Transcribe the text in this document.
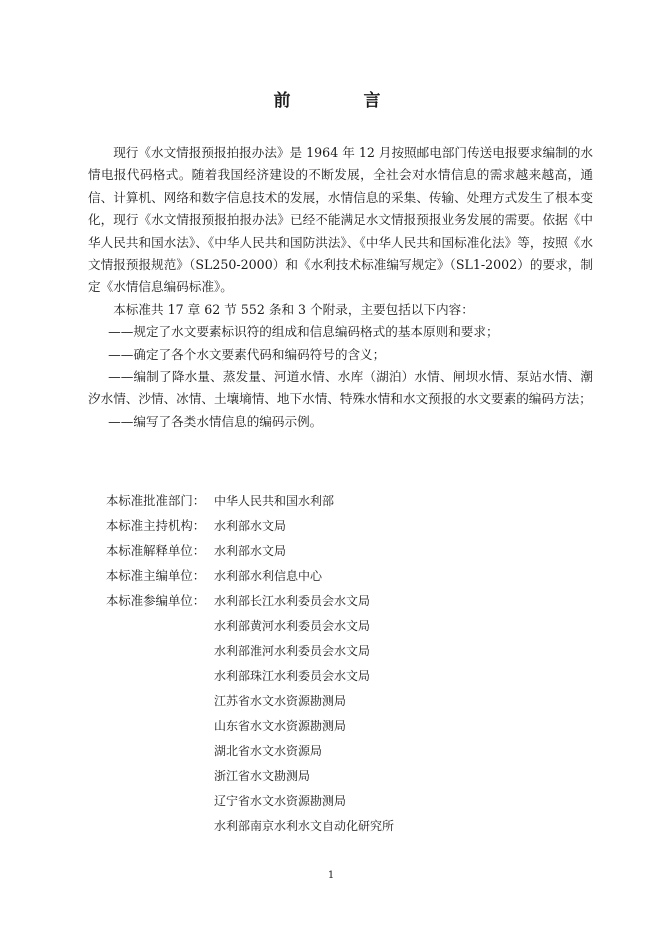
前　言

现行《水文情报预报拍报办法》是 1964 年 12 月按照邮电部门传送电报要求编制的水情电报代码格式。随着我国经济建设的不断发展，全社会对水情信息的需求越来越高，通信、计算机、网络和数字信息技术的发展，水情信息的采集、传输、处理方式发生了根本变化，现行《水文情报预报拍报办法》已经不能满足水文情报预报业务发展的需要。依据《中华人民共和国水法》、《中华人民共和国防洪法》、《中华人民共和国标准化法》等，按照《水文情报预报规范》（SL250-2000）和《水利技术标准编写规定》（SL1-2002）的要求，制定《水情信息编码标准》。

本标准共 17 章 62 节 552 条和 3 个附录，主要包括以下内容：

——规定了水文要素标识符的组成和信息编码格式的基本原则和要求；

——确定了各个水文要素代码和编码符号的含义；

——编制了降水量、蒸发量、河道水情、水库（湖泊）水情、闸坝水情、泵站水情、潮汐水情、沙情、冰情、土壤墒情、地下水情、特殊水情和水文预报的水文要素的编码方法；

——编写了各类水情信息的编码示例。

本标准批准部门： 中华人民共和国水利部
本标准主持机构： 水利部水文局
本标准解释单位： 水利部水文局
本标准主编单位： 水利部水利信息中心
本标准参编单位： 水利部长江水利委员会水文局
水利部黄河水利委员会水文局
水利部淮河水利委员会水文局
水利部珠江水利委员会水文局
江苏省水文水资源勘测局
山东省水文水资源勘测局
湖北省水文水资源局
浙江省水文勘测局
辽宁省水文水资源勘测局
水利部南京水利水文自动化研究所
1
